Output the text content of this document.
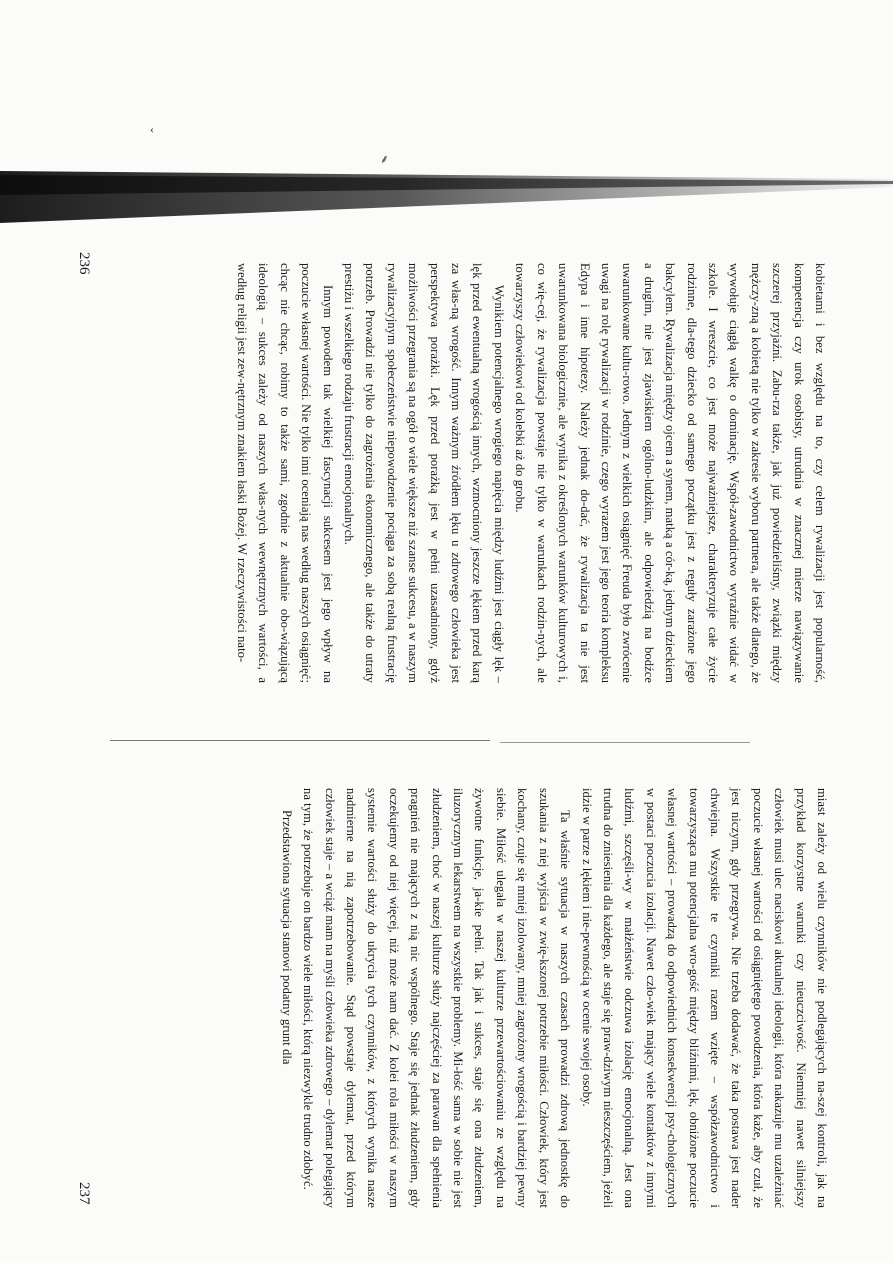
‹
⸙

kobietami i bez względu na to, czy celem rywalizacji jest popularność, kompetencja czy urok osobisty, utrudnia w znacznej mierze nawiązywanie szczerej przyjaźni. Zabu-rza także, jak już powiedzieliśmy, związki między mężczy-zną a kobietą nie tylko w zakresie wyboru partnera, ale także dlatego, że wywołuje ciągłą walkę o dominację. Współ-zawodnictwo wyraźnie widać w szkole. I wreszcie, co jest może najważniejsze, charakteryzuje całe życie rodzinne, dla-tego dziecko od samego początku jest z reguły zarażone jego bakcylem. Rywalizacja między ojcem a synem, matką a cór-ką, jednym dzieckiem a drugim, nie jest zjawiskiem ogólno-ludzkim, ale odpowiedzią na bodźce uwarunkowane kultu-rowo. Jednym z wielkich osiągnięć Freuda było zwrócenie uwagi na rolę rywalizacji w rodzinie, czego wyrazem jest jego teoria kompleksu Edypa i inne hipotezy. Należy jednak do-dać, że rywalizacja ta nie jest uwarunkowana biologicznie, ale wynika z określonych warunków kulturowych i, co wię-cej, że rywalizacja powstaje nie tylko w warunkach rodzin-nych, ale towarzyszy człowiekowi od kolebki aż do grobu.

Wynikiem potencjalnego wrogiego napięcia między ludźmi jest ciągły lęk – lęk przed ewentualną wrogością innych, wzmocniony jeszcze lękiem przed karą za włas-ną wrogość. Innym ważnym źródłem lęku u zdrowego człowieka jest perspektywa porażki. Lęk przed porażką jest w pełni uzasadniony, gdyż możliwości przegrania są na ogół o wiele większe niż szanse sukcesu, a w naszym rywalizacyjnym społeczeństwie niepowodzenie pociąga za sobą realną frustrację potrzeb. Prowadzi nie tylko do zagrożenia ekonomicznego, ale także do utraty prestiżu i wszelkiego rodzaju frustracji emocjonalnych.

Innym powodem tak wielkiej fascynacji sukcesem jest jego wpływ na poczucie własnej wartości. Nie tylko inni oceniają nas według naszych osiągnięć; chcąc nie chcąc, robimy to także sami, zgodnie z aktualnie obo-wiązującą ideologią – sukces zależy od naszych włas-nych wewnętrznych wartości, a według religii jest zew-nętrznym znakiem łaski Bożej. W rzeczywistości nato-

236

miast zależy od wielu czynników nie podlegających na-szej kontroli, jak na przykład korzystne warunki czy nieuczciwość. Niemniej nawet silniejszy człowiek musi ulec naciskowi aktualnej ideologii, która nakazuje mu uzależniać poczucie własnej wartości od osiągniętego powodzenia, która każe, aby czuł, że jest niczym, gdy przegrywa. Nie trzeba dodawać, że taka postawa jest nader chwiejna. Wszystkie te czynniki razem wzięte – współzawodnictwo i towarzysząca mu potencjalna wro-gość między bliźnimi, lęk, obniżone poczucie własnej wartości – prowadzą do odpowiednich konsekwencji psy-chologicznych w postaci poczucia izolacji. Nawet czło-wiek mający wiele kontaktów z innymi ludźmi, szczęśli-wy w małżeństwie odczuwa izolację emocjonalną. Jest ona trudna do zniesienia dla każdego, ale staje się praw-dziwym nieszczęściem, jeżeli idzie w parze z lękiem i nie-pewnością w ocenie swojej osoby.

Ta właśnie sytuacja w naszych czasach prowadzi zdrową jednostkę do szukania z niej wyjścia w zwię-kszonej potrzebie miłości. Człowiek, który jest kochany, czuje się mniej izolowany, mniej zagrożony wrogością i bardziej pewny siebie. Miłość ulegała w naszej kulturze przewartościowaniu ze względu na żywotne funkcje, ja-kie pełni. Tak jak i sukces, staje się ona złudzeniem, iluzorycznym lekarstwem na wszystkie problemy. Mi-łość sama w sobie nie jest złudzeniem, choć w naszej kulturze służy najczęściej za parawan dla spełnienia pragnień nie mających z nią nic wspólnego. Staje się jednak złudzeniem, gdy oczekujemy od niej więcej, niż może nam dać. Z kolei rola miłości w naszym systemie wartości służy do ukrycia tych czynników, z których wynika nasze nadmierne na nią zapotrzebowanie. Stąd powstaje dylemat, przed którym człowiek staje – a wciąż mam na myśli człowieka zdrowego – dylemat polegający na tym, że potrzebuje on bardzo wiele miłości, którą niezwykle trudno zdobyć.

Przedstawiona sytuacja stanowi podatny grunt dla

237
